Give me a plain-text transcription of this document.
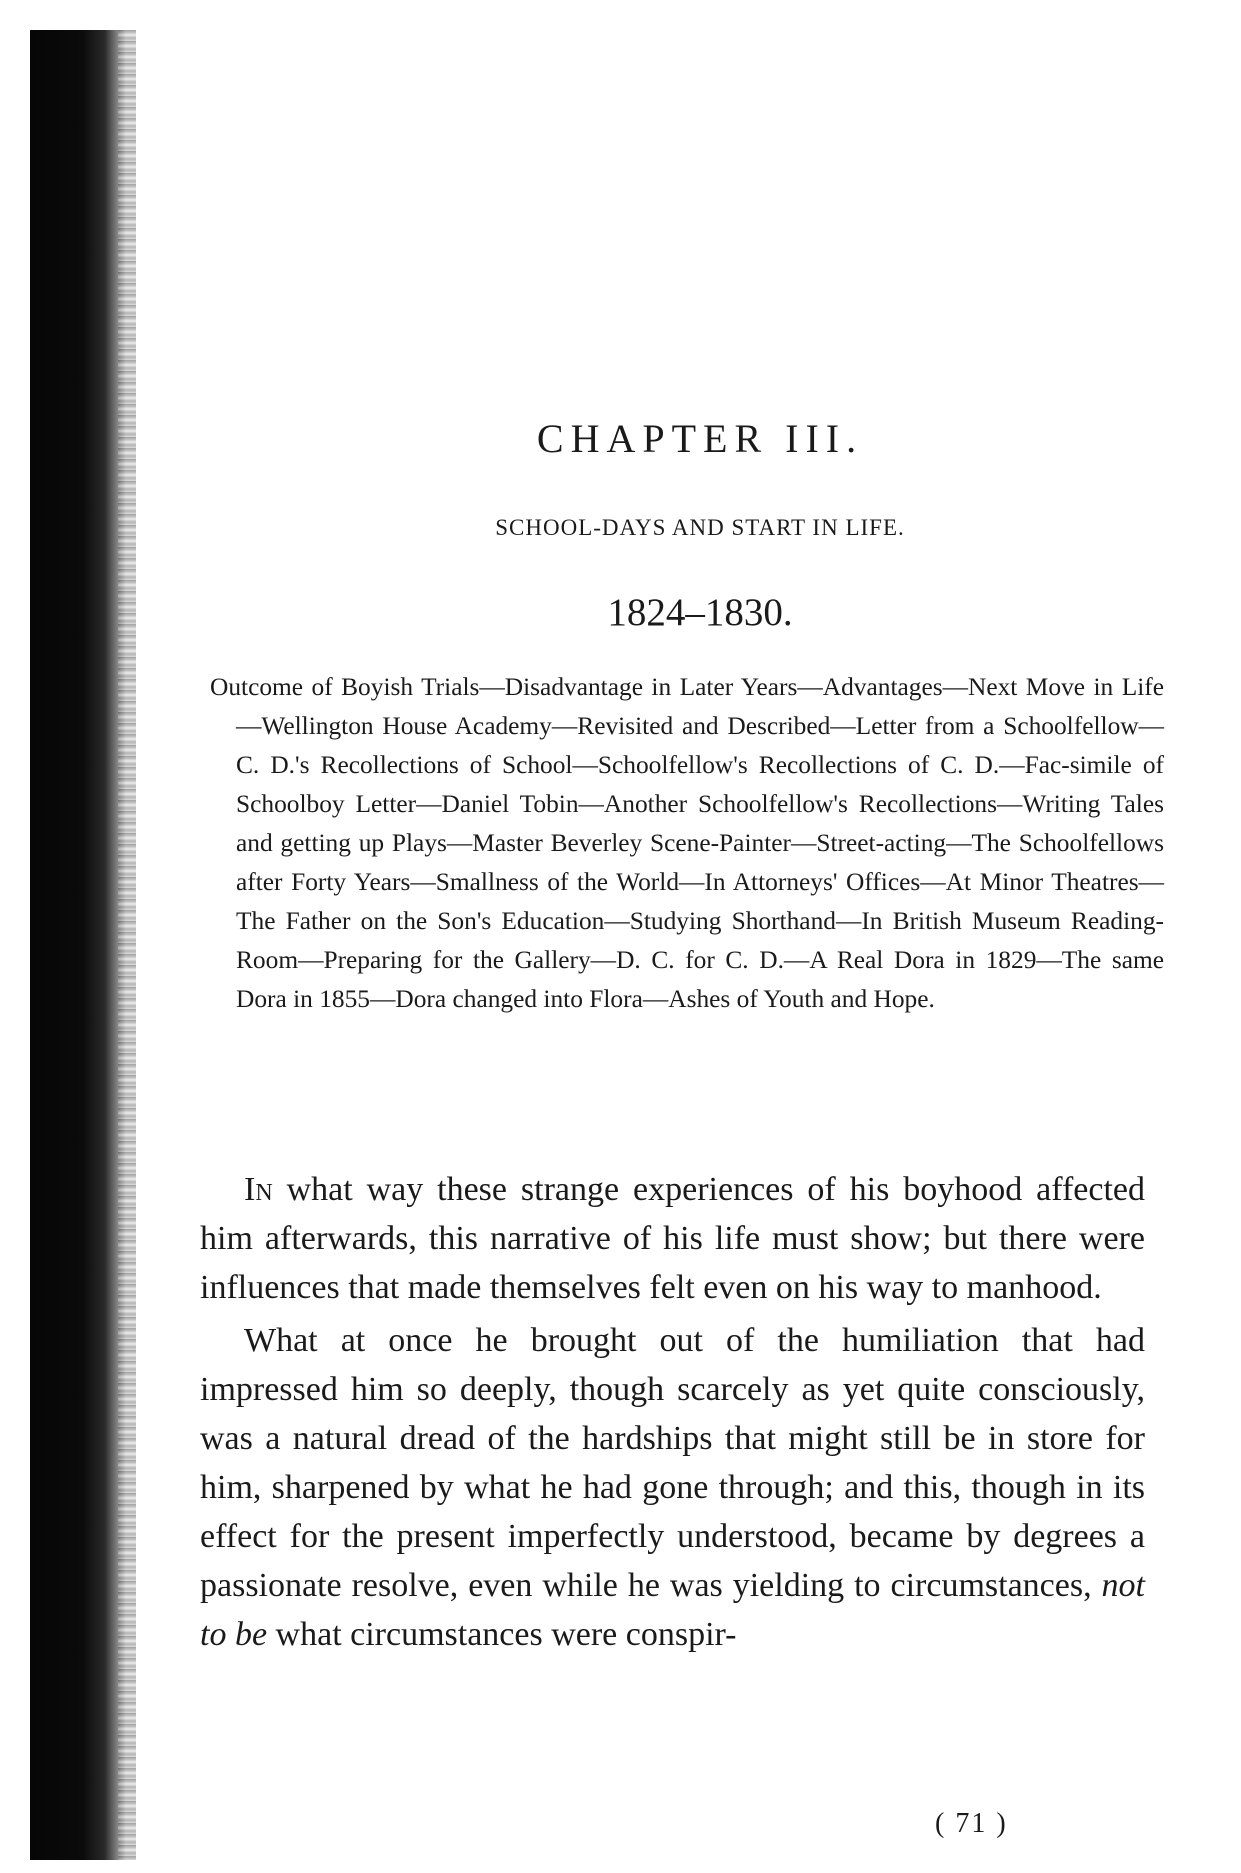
CHAPTER III.
SCHOOL-DAYS AND START IN LIFE.
1824–1830.

Outcome of Boyish Trials—Disadvantage in Later Years—Advantages—Next Move in Life—Wellington House Academy—Revisited and Described—Letter from a Schoolfellow—C. D.'s Recollections of School—Schoolfellow's Recollections of C. D.—Fac-simile of Schoolboy Letter—Daniel Tobin—Another Schoolfellow's Recollections—Writing Tales and getting up Plays—Master Beverley Scene-Painter—Street-acting—The Schoolfellows after Forty Years—Smallness of the World—In Attorneys' Offices—At Minor Theatres—The Father on the Son's Education—Studying Shorthand—In British Museum Reading-Room—Preparing for the Gallery—D. C. for C. D.—A Real Dora in 1829—The same Dora in 1855—Dora changed into Flora—Ashes of Youth and Hope.

In what way these strange experiences of his boyhood affected him afterwards, this narrative of his life must show; but there were influences that made themselves felt even on his way to manhood.

What at once he brought out of the humiliation that had impressed him so deeply, though scarcely as yet quite consciously, was a natural dread of the hardships that might still be in store for him, sharpened by what he had gone through; and this, though in its effect for the present imperfectly understood, became by degrees a passionate resolve, even while he was yielding to circumstances, not to be what circumstances were conspir-

( 71 )
